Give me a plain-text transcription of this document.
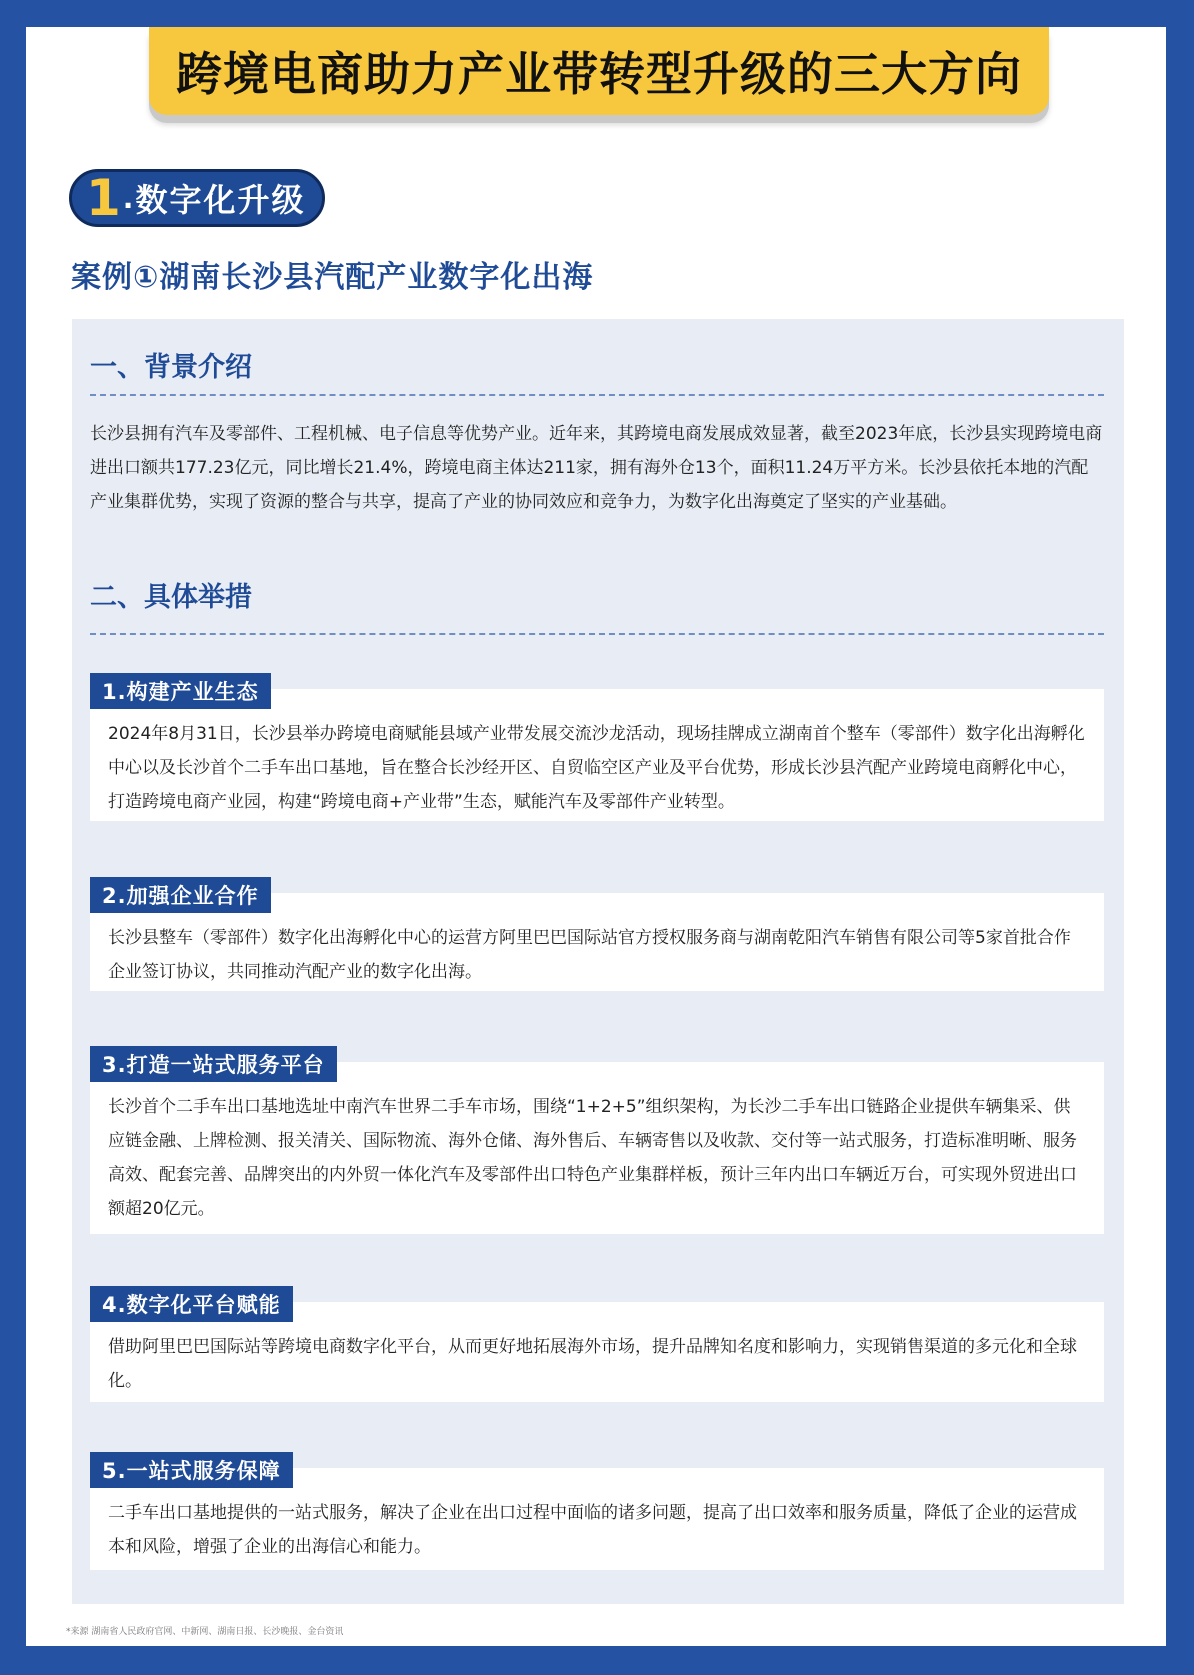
跨境电商助力产业带转型升级的三大方向
1 . 数字化升级
案例①湖南长沙县汽配产业数字化出海
一、背景介绍
长沙县拥有汽车及零部件、工程机械、电子信息等优势产业。近年来，其跨境电商发展成效显著，截至2023年底，长沙县实现跨境电商进出口额共177.23亿元，同比增长21.4%，跨境电商主体达211家，拥有海外仓13个，面积11.24万平方米。长沙县依托本地的汽配产业集群优势，实现了资源的整合与共享，提高了产业的协同效应和竞争力，为数字化出海奠定了坚实的产业基础。
二、具体举措
1.构建产业生态
2024年8月31日，长沙县举办跨境电商赋能县域产业带发展交流沙龙活动，现场挂牌成立湖南首个整车（零部件）数字化出海孵化中心以及长沙首个二手车出口基地，旨在整合长沙经开区、自贸临空区产业及平台优势，形成长沙县汽配产业跨境电商孵化中心，打造跨境电商产业园，构建“跨境电商+产业带”生态，赋能汽车及零部件产业转型。
2.加强企业合作
长沙县整车（零部件）数字化出海孵化中心的运营方阿里巴巴国际站官方授权服务商与湖南乾阳汽车销售有限公司等5家首批合作企业签订协议，共同推动汽配产业的数字化出海。
3.打造一站式服务平台
长沙首个二手车出口基地选址中南汽车世界二手车市场，围绕“1+2+5”组织架构，为长沙二手车出口链路企业提供车辆集采、供应链金融、上牌检测、报关清关、国际物流、海外仓储、海外售后、车辆寄售以及收款、交付等一站式服务，打造标准明晰、服务高效、配套完善、品牌突出的内外贸一体化汽车及零部件出口特色产业集群样板，预计三年内出口车辆近万台，可实现外贸进出口额超20亿元。
4.数字化平台赋能
借助阿里巴巴国际站等跨境电商数字化平台，从而更好地拓展海外市场，提升品牌知名度和影响力，实现销售渠道的多元化和全球化。
5.一站式服务保障
二手车出口基地提供的一站式服务，解决了企业在出口过程中面临的诸多问题，提高了出口效率和服务质量，降低了企业的运营成本和风险，增强了企业的出海信心和能力。
*来源 湖南省人民政府官网、中新网、湖南日报、长沙晚报、金台资讯
